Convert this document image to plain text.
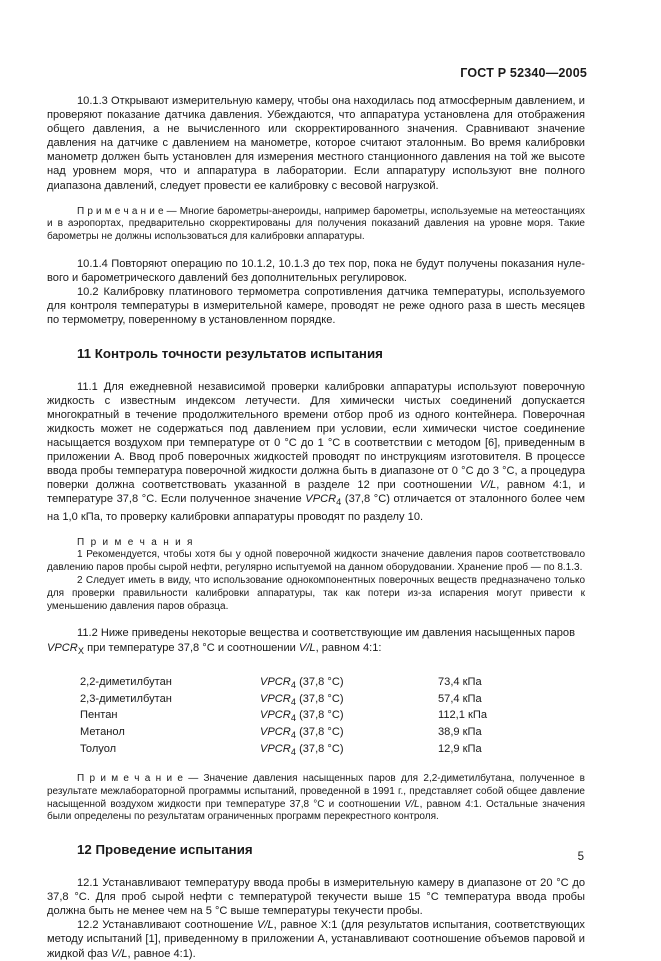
ГОСТ Р 52340—2005

10.1.3 Открывают измерительную камеру, чтобы она находилась под атмосферным давлением, и проверяют показание датчика давления. Убеждаются, что аппаратура установлена для отображения общего давления, а не вычисленного или скорректированного значения. Сравнивают значение давления на датчике с давлением на манометре, которое считают эталонным. Во время калибровки манометр должен быть установлен для измерения местного станционного давления на той же высоте над уровнем моря, что и аппаратура в лаборатории. Если аппаратуру используют вне полного диапазона давлений, следует провести ее калибровку с весовой нагрузкой.

П р и м е ч а н и е — Многие барометры-анероиды, например барометры, используемые на метеостанциях и в аэропортах, предварительно скорректированы для получения показаний давления на уровне моря. Такие барометры не должны использоваться для калибровки аппаратуры.

10.1.4 Повторяют операцию по 10.1.2, 10.1.3 до тех пор, пока не будут получены показания нулевого и барометрического давлений без дополнительных регулировок.

10.2 Калибровку платинового термометра сопротивления датчика температуры, используемого для контроля температуры в измерительной камере, проводят не реже одного раза в шесть месяцев по термометру, поверенному в установленном порядке.

11 Контроль точности результатов испытания

11.1 Для ежедневной независимой проверки калибровки аппаратуры используют поверочную жидкость с известным индексом летучести. Для химически чистых соединений допускается многократный в течение продолжительного времени отбор проб из одного контейнера. Поверочная жидкость может не содержаться под давлением при условии, если химически чистое соединение насыщается воздухом при температуре от 0 °С до 1 °С в соответствии с методом [6], приведенным в приложении А. Ввод проб поверочных жидкостей проводят по инструкциям изготовителя. В процессе ввода пробы температура поверочной жидкости должна быть в диапазоне от 0 °С до 3 °С, а процедура поверки должна соответствовать указанной в разделе 12 при соотношении V/L, равном 4:1, и температуре 37,8 °С. Если полученное значение $VPCR_4$ (37,8 °С) отличается от эталонного более чем на 1,0 кПа, то проверку калибровки аппаратуры проводят по разделу 10.

П р и м е ч а н и я

1 Рекомендуется, чтобы хотя бы у одной поверочной жидкости значение давления паров соответствовало давлению паров пробы сырой нефти, регулярно испытуемой на данном оборудовании. Хранение проб — по 8.1.3.

2 Следует иметь в виду, что использование однокомпонентных поверочных веществ предназначено только для проверки правильности калибровки аппаратуры, так как потери из-за испарения могут привести к уменьшению давления паров образца.

11.2 Ниже приведены некоторые вещества и соответствующие им давления насыщенных паров
$VPCR_X$ при температуре 37,8 °С и соотношении V/L, равном 4:1:

2,2-диметилбутан	$VPCR_4$ (37,8 °С)	73,4 кПа
2,3-диметилбутан	$VPCR_4$ (37,8 °С)	57,4 кПа
Пентан	$VPCR_4$ (37,8 °С)	112,1 кПа
Метанол	$VPCR_4$ (37,8 °С)	38,9 кПа
Толуол	$VPCR_4$ (37,8 °С)	12,9 кПа

П р и м е ч а н и е — Значение давления насыщенных паров для 2,2-диметилбутана, полученное в результате межлабораторной программы испытаний, проведенной в 1991 г., представляет собой общее давление насыщенной воздухом жидкости при температуре 37,8 °С и соотношении V/L, равном 4:1. Остальные значения были определены по результатам ограниченных программ перекрестного контроля.

12 Проведение испытания

12.1 Устанавливают температуру ввода пробы в измерительную камеру в диапазоне от 20 °С до 37,8 °С. Для проб сырой нефти с температурой текучести выше 15 °С температура ввода пробы должна быть не менее чем на 5 °С выше температуры текучести пробы.

12.2 Устанавливают соотношение V/L, равное X:1 (для результатов испытания, соответствующих методу испытаний [1], приведенному в приложении А, устанавливают соотношение объемов паровой и жидкой фаз V/L, равное 4:1).

5
